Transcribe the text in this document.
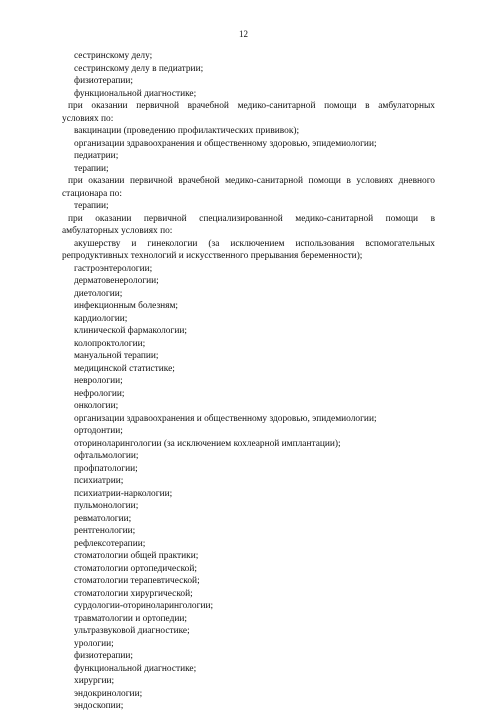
12
сестринскому делу;
сестринскому делу в педиатрии;
физиотерапии;
функциональной диагностике;
при оказании первичной врачебной медико-санитарной помощи в амбулаторных
условиях по:
вакцинации (проведению профилактических прививок);
организации здравоохранения и общественному здоровью, эпидемиологии;
педиатрии;
терапии;
при оказании первичной врачебной медико-санитарной помощи в условиях дневного
стационара по:
терапии;
при оказании первичной специализированной медико-санитарной помощи в
амбулаторных условиях по:
акушерству и гинекологии (за исключением использования вспомогательных
репродуктивных технологий и искусственного прерывания беременности);
гастроэнтерологии;
дерматовенерологии;
диетологии;
инфекционным болезням;
кардиологии;
клинической фармакологии;
колопроктологии;
мануальной терапии;
медицинской статистике;
неврологии;
нефрологии;
онкологии;
организации здравоохранения и общественному здоровью, эпидемиологии;
ортодонтии;
оториноларингологии (за исключением кохлеарной имплантации);
офтальмологии;
профпатологии;
психиатрии;
психиатрии-наркологии;
пульмонологии;
ревматологии;
рентгенологии;
рефлексотерапии;
стоматологии общей практики;
стоматологии ортопедической;
стоматологии терапевтической;
стоматологии хирургической;
сурдологии-оториноларингологии;
травматологии и ортопедии;
ультразвуковой диагностике;
урологии;
физиотерапии;
функциональной диагностике;
хирургии;
эндокринологии;
эндоскопии;
